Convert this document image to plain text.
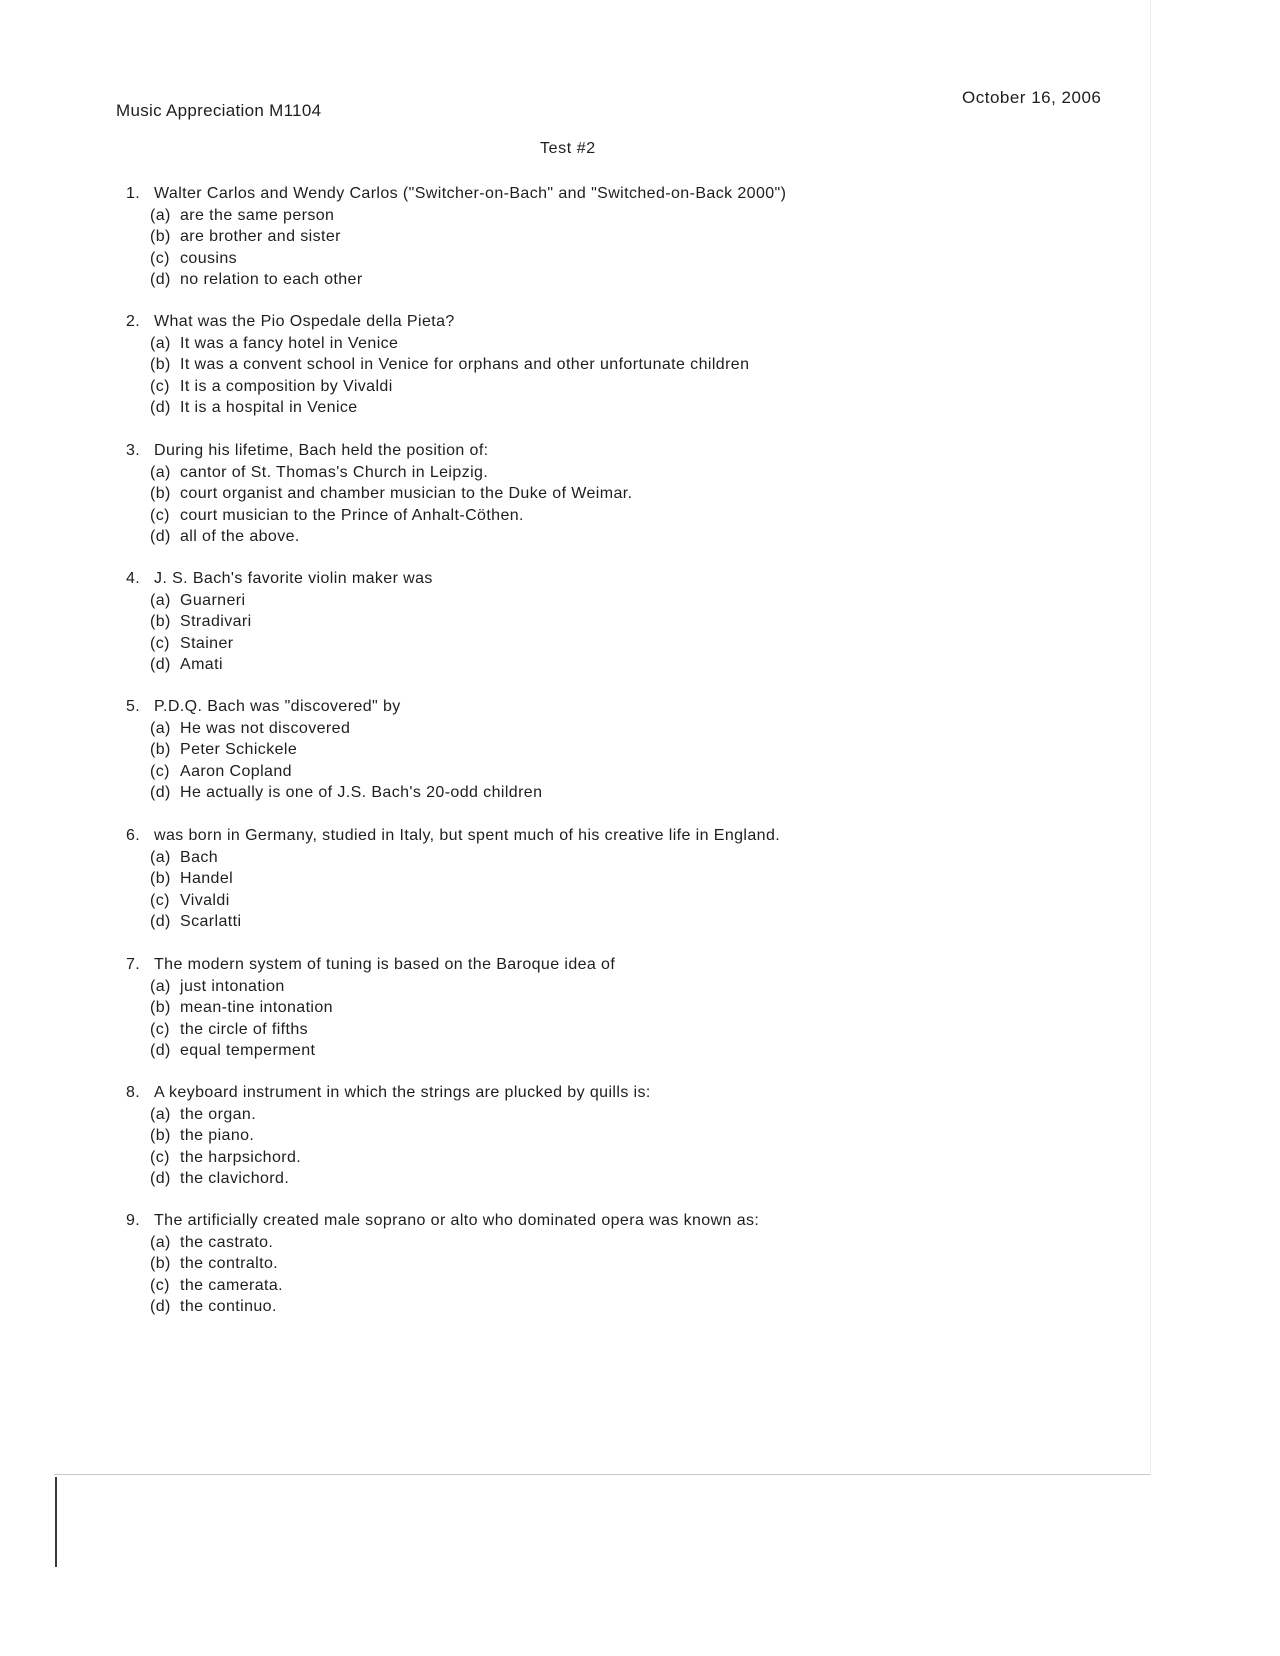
Music Appreciation M1104
October 16, 2006
Test #2
1. Walter Carlos and Wendy Carlos ("Switcher-on-Bach" and "Switched-on-Back 2000")
(a) are the same person
(b) are brother and sister
(c) cousins
(d) no relation to each other
2. What was the Pio Ospedale della Pieta?
(a) It was a fancy hotel in Venice
(b) It was a convent school in Venice for orphans and other unfortunate children
(c) It is a composition by Vivaldi
(d) It is a hospital in Venice
3. During his lifetime, Bach held the position of:
(a) cantor of St. Thomas's Church in Leipzig.
(b) court organist and chamber musician to the Duke of Weimar.
(c) court musician to the Prince of Anhalt-Cöthen.
(d) all of the above.
4. J. S. Bach's favorite violin maker was
(a) Guarneri
(b) Stradivari
(c) Stainer
(d) Amati
5. P.D.Q. Bach was "discovered" by
(a) He was not discovered
(b) Peter Schickele
(c) Aaron Copland
(d) He actually is one of J.S. Bach's 20-odd children
6. was born in Germany, studied in Italy, but spent much of his creative life in England.
(a) Bach
(b) Handel
(c) Vivaldi
(d) Scarlatti
7. The modern system of tuning is based on the Baroque idea of
(a) just intonation
(b) mean-tine intonation
(c) the circle of fifths
(d) equal temperment
8. A keyboard instrument in which the strings are plucked by quills is:
(a) the organ.
(b) the piano.
(c) the harpsichord.
(d) the clavichord.
9. The artificially created male soprano or alto who dominated opera was known as:
(a) the castrato.
(b) the contralto.
(c) the camerata.
(d) the continuo.
